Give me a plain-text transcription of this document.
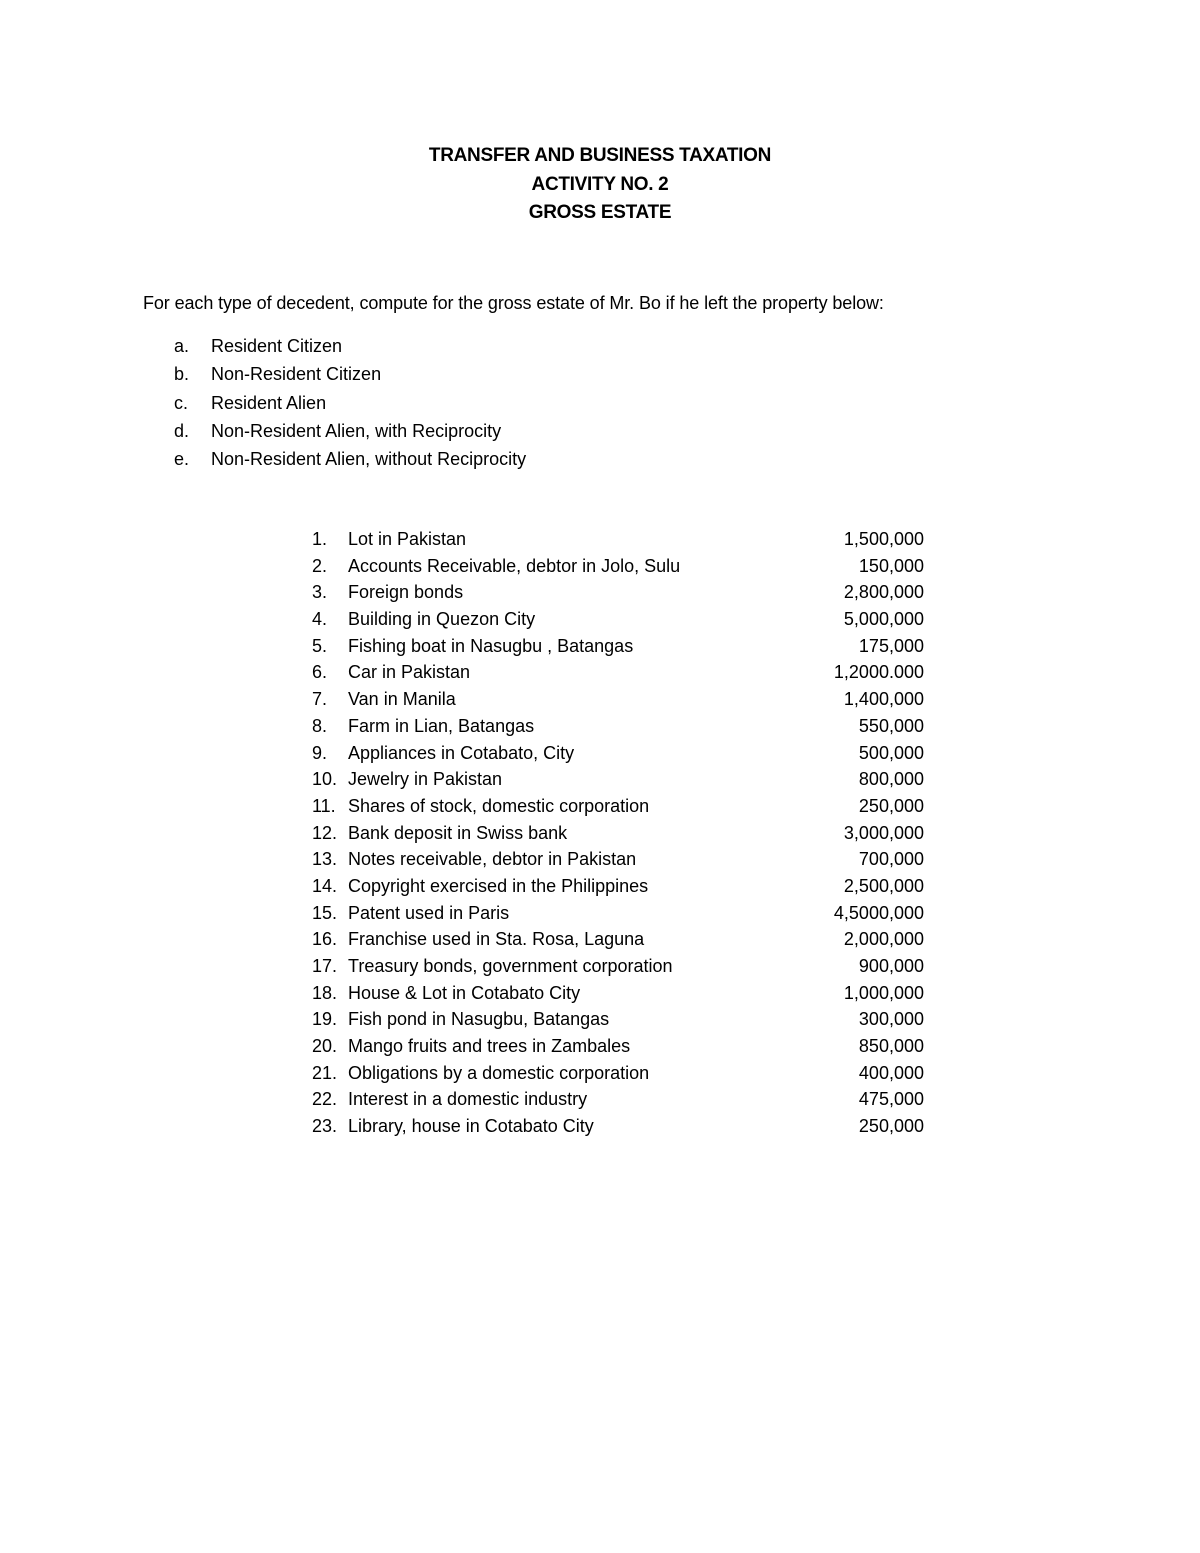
TRANSFER AND BUSINESS TAXATION
ACTIVITY NO. 2
GROSS ESTATE
For each type of decedent, compute for the gross estate of Mr. Bo if he left the property below:
a.	Resident Citizen
b.	Non-Resident Citizen
c.	Resident Alien
d.	Non-Resident Alien, with Reciprocity
e.	Non-Resident Alien, without Reciprocity
1.	Lot in Pakistan	1,500,000
2.	Accounts Receivable, debtor in Jolo, Sulu	150,000
3.	Foreign bonds	2,800,000
4.	Building in Quezon City	5,000,000
5.	Fishing boat in Nasugbu , Batangas	175,000
6.	Car in Pakistan	1,2000.000
7.	Van in Manila	1,400,000
8.	Farm in Lian, Batangas	550,000
9.	Appliances in Cotabato, City	500,000
10. Jewelry in Pakistan	800,000
11. Shares of stock, domestic corporation	250,000
12. Bank deposit in Swiss bank	3,000,000
13. Notes receivable, debtor in Pakistan	700,000
14. Copyright exercised in the Philippines	2,500,000
15. Patent used in Paris	4,5000,000
16. Franchise used in Sta. Rosa, Laguna	2,000,000
17. Treasury bonds, government corporation	900,000
18. House & Lot in Cotabato City	1,000,000
19. Fish pond in Nasugbu, Batangas	300,000
20. Mango fruits and trees in Zambales	850,000
21. Obligations by a domestic corporation	400,000
22. Interest in a domestic industry	475,000
23. Library, house in Cotabato City	250,000
